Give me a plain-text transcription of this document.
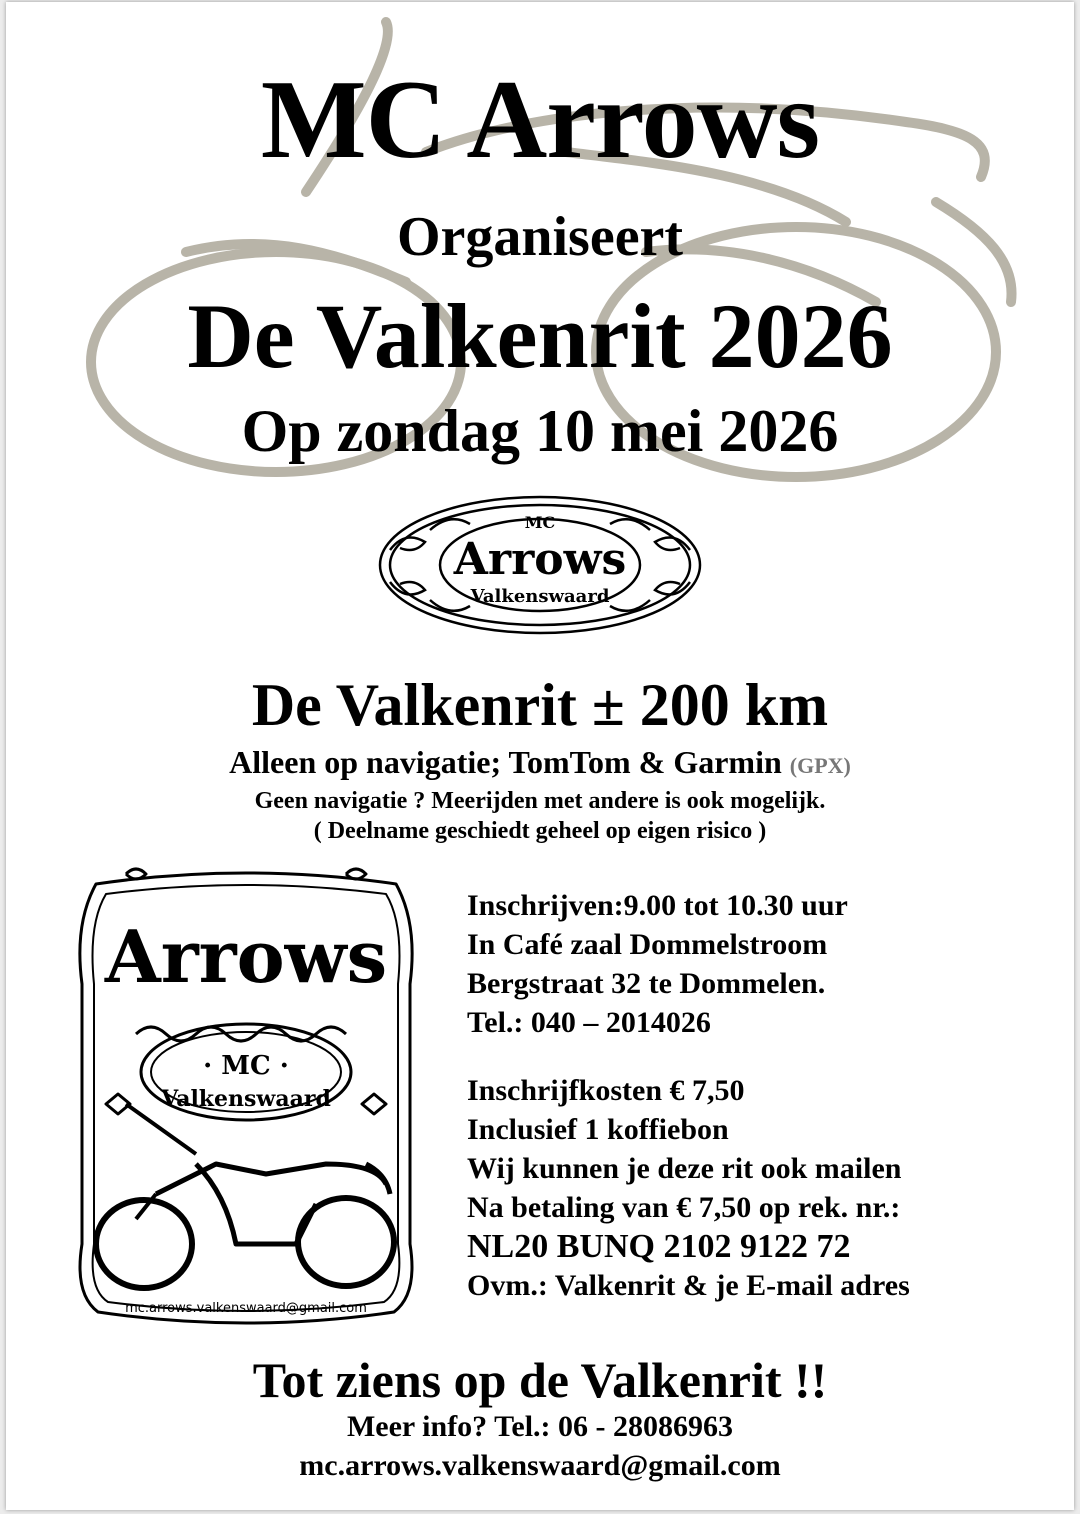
MC Arrows
Organiseert
De Valkenrit 2026
Op zondag 10 mei 2026
MC
Arrows
Valkenswaard
De Valkenrit ± 200 km
Alleen op navigatie; TomTom & Garmin (GPX)
Geen navigatie ? Meerijden met andere is ook mogelijk.
( Deelname geschiedt geheel op eigen risico )
Arrows
· MC ·
Valkenswaard
mc.arrows.valkenswaard@gmail.com
Inschrijven:9.00 tot 10.30 uur
In Café zaal Dommelstroom
Bergstraat 32 te Dommelen.
Tel.: 040 – 2014026
Inschrijfkosten € 7,50
Inclusief 1 koffiebon
Wij kunnen je deze rit ook mailen
Na betaling van € 7,50 op rek. nr.:
NL20 BUNQ 2102 9122 72
Ovm.: Valkenrit & je E-mail adres
Tot ziens op de Valkenrit !!
Meer info? Tel.: 06 - 28086963
mc.arrows.valkenswaard@gmail.com
